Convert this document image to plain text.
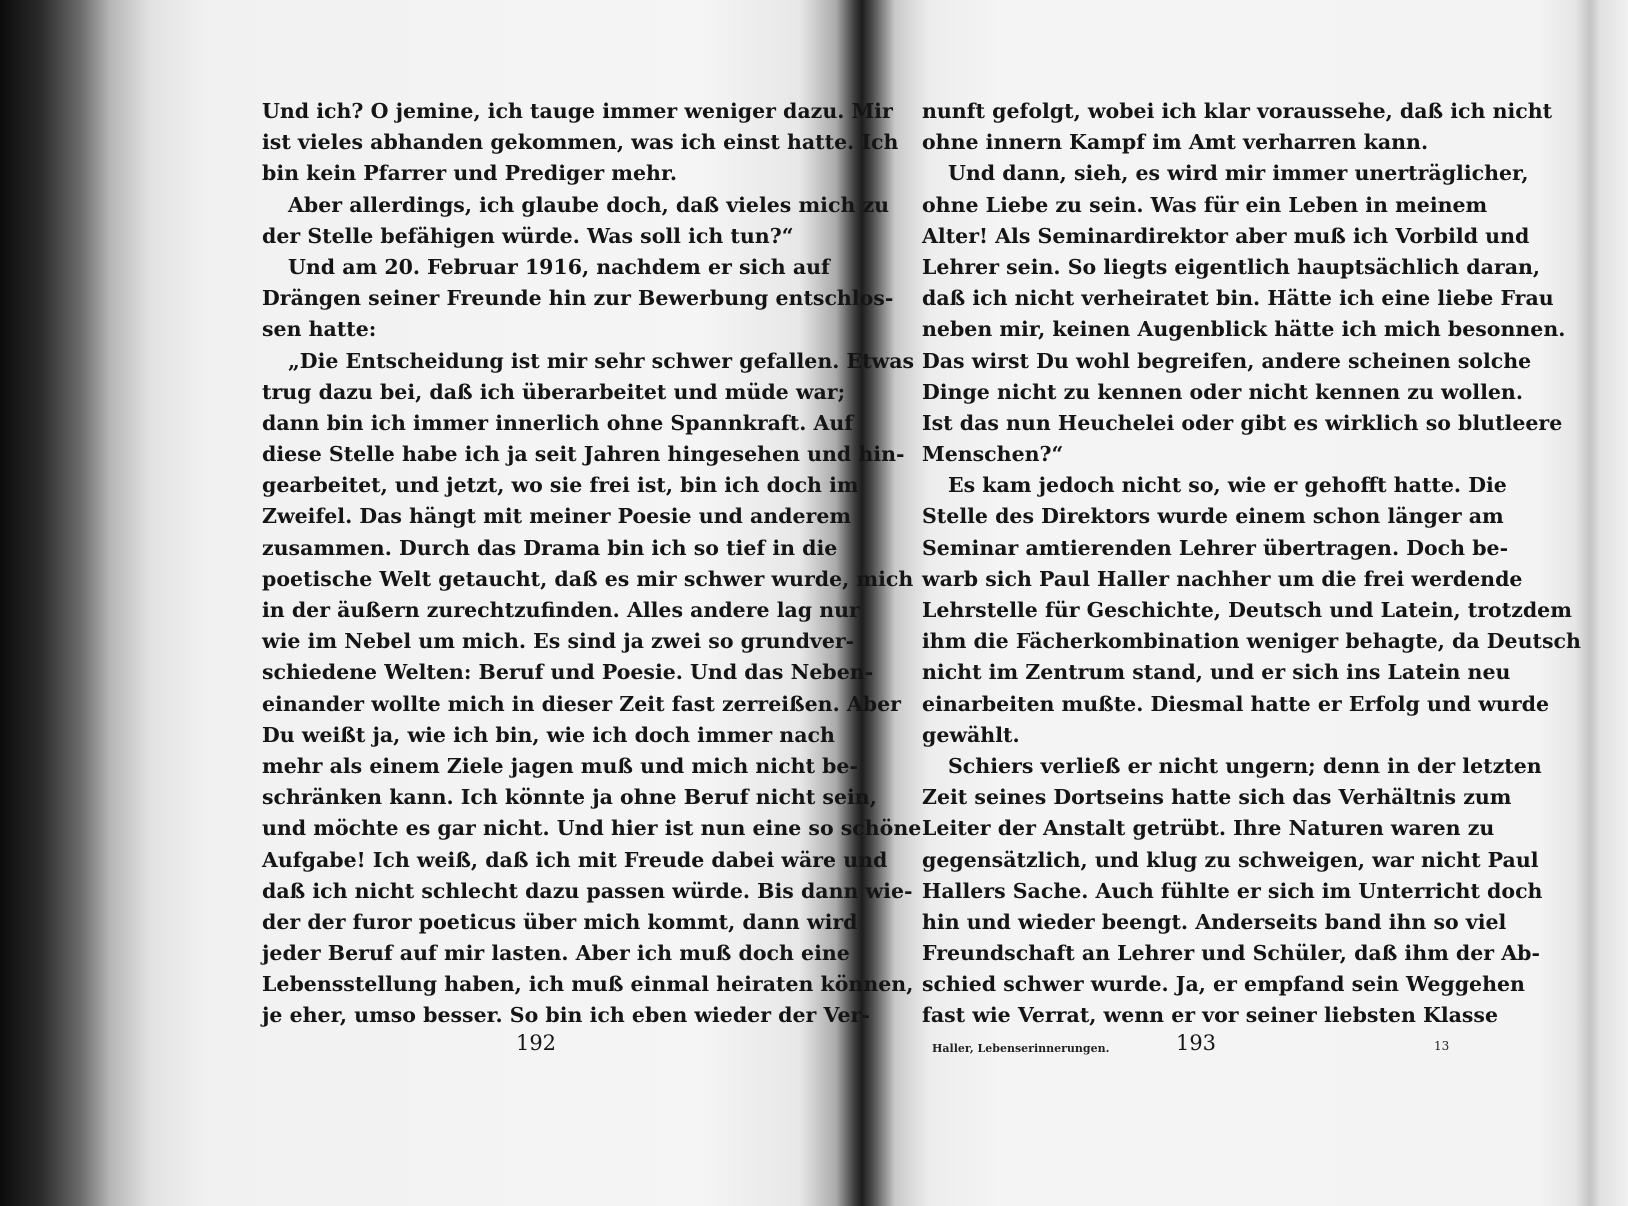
Und ich? O jemine, ich tauge immer weniger dazu. Mir
ist vieles abhanden gekommen, was ich einst hatte. Ich
bin kein Pfarrer und Prediger mehr.
Aber allerdings, ich glaube doch, daß vieles mich zu
der Stelle befähigen würde. Was soll ich tun?“
Und am 20. Februar 1916, nachdem er sich auf
Drängen seiner Freunde hin zur Bewerbung entschlos-
sen hatte:
„Die Entscheidung ist mir sehr schwer gefallen. Etwas
trug dazu bei, daß ich überarbeitet und müde war;
dann bin ich immer innerlich ohne Spannkraft. Auf
diese Stelle habe ich ja seit Jahren hingesehen und hin-
gearbeitet, und jetzt, wo sie frei ist, bin ich doch im
Zweifel. Das hängt mit meiner Poesie und anderem
zusammen. Durch das Drama bin ich so tief in die
poetische Welt getaucht, daß es mir schwer wurde, mich
in der äußern zurechtzufinden. Alles andere lag nur
wie im Nebel um mich. Es sind ja zwei so grundver-
schiedene Welten: Beruf und Poesie. Und das Neben-
einander wollte mich in dieser Zeit fast zerreißen. Aber
Du weißt ja, wie ich bin, wie ich doch immer nach
mehr als einem Ziele jagen muß und mich nicht be-
schränken kann. Ich könnte ja ohne Beruf nicht sein,
und möchte es gar nicht. Und hier ist nun eine so schöne
Aufgabe! Ich weiß, daß ich mit Freude dabei wäre und
daß ich nicht schlecht dazu passen würde. Bis dann wie-
der der furor poeticus über mich kommt, dann wird
jeder Beruf auf mir lasten. Aber ich muß doch eine
Lebensstellung haben, ich muß einmal heiraten können,
je eher, umso besser. So bin ich eben wieder der Ver-
192
nunft gefolgt, wobei ich klar voraussehe, daß ich nicht
ohne innern Kampf im Amt verharren kann.
Und dann, sieh, es wird mir immer unerträglicher,
ohne Liebe zu sein. Was für ein Leben in meinem
Alter! Als Seminardirektor aber muß ich Vorbild und
Lehrer sein. So liegts eigentlich hauptsächlich daran,
daß ich nicht verheiratet bin. Hätte ich eine liebe Frau
neben mir, keinen Augenblick hätte ich mich besonnen.
Das wirst Du wohl begreifen, andere scheinen solche
Dinge nicht zu kennen oder nicht kennen zu wollen.
Ist das nun Heuchelei oder gibt es wirklich so blutleere
Menschen?“
Es kam jedoch nicht so, wie er gehofft hatte. Die
Stelle des Direktors wurde einem schon länger am
Seminar amtierenden Lehrer übertragen. Doch be-
warb sich Paul Haller nachher um die frei werdende
Lehrstelle für Geschichte, Deutsch und Latein, trotzdem
ihm die Fächerkombination weniger behagte, da Deutsch
nicht im Zentrum stand, und er sich ins Latein neu
einarbeiten mußte. Diesmal hatte er Erfolg und wurde
gewählt.
Schiers verließ er nicht ungern; denn in der letzten
Zeit seines Dortseins hatte sich das Verhältnis zum
Leiter der Anstalt getrübt. Ihre Naturen waren zu
gegensätzlich, und klug zu schweigen, war nicht Paul
Hallers Sache. Auch fühlte er sich im Unterricht doch
hin und wieder beengt. Anderseits band ihn so viel
Freundschaft an Lehrer und Schüler, daß ihm der Ab-
schied schwer wurde. Ja, er empfand sein Weggehen
fast wie Verrat, wenn er vor seiner liebsten Klasse
Haller, Lebenserinnerungen.	193	13
